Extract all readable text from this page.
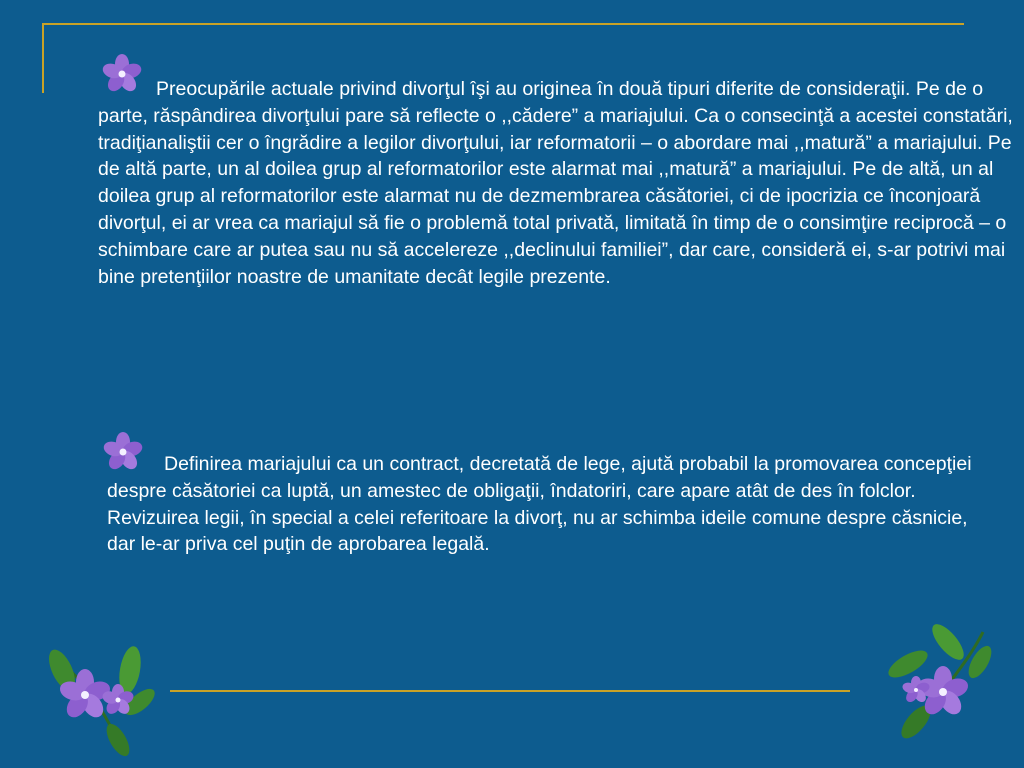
Preocupările actuale privind divorţul îşi au originea în două tipuri diferite de consideraţii. Pe de o parte, răspândirea divorţului pare să reflecte o ,,cădere” a mariajului. Ca o consecinţă a acestei constatări, tradiţianaliştii cer o îngrădire a legilor divorţului, iar reformatorii – o abordare mai ,,matură” a mariajului. Pe de altă parte, un al doilea grup al reformatorilor este alarmat mai ,,matură” a mariajului. Pe de altă, un al doilea grup al reformatorilor este alarmat nu de dezmembrarea căsătoriei, ci de ipocrizia ce înconjoară divorţul, ei ar vrea ca mariajul să fie o problemă total privată, limitată în timp de o consimţire reciprocă – o schimbare care ar putea sau nu să accelereze ,,declinului familiei”, dar care, consideră ei, s-ar potrivi mai bine pretenţiilor noastre de umanitate decât legile prezente.

Definirea mariajului ca un contract, decretată de lege, ajută probabil la promovarea concepţiei despre căsătoriei ca luptă, un amestec de obligaţii, îndatoriri, care apare atât de des în folclor. Revizuirea legii, în special a celei referitoare la divorţ, nu ar schimba ideile comune despre căsnicie, dar le-ar priva cel puţin de aprobarea legală.
